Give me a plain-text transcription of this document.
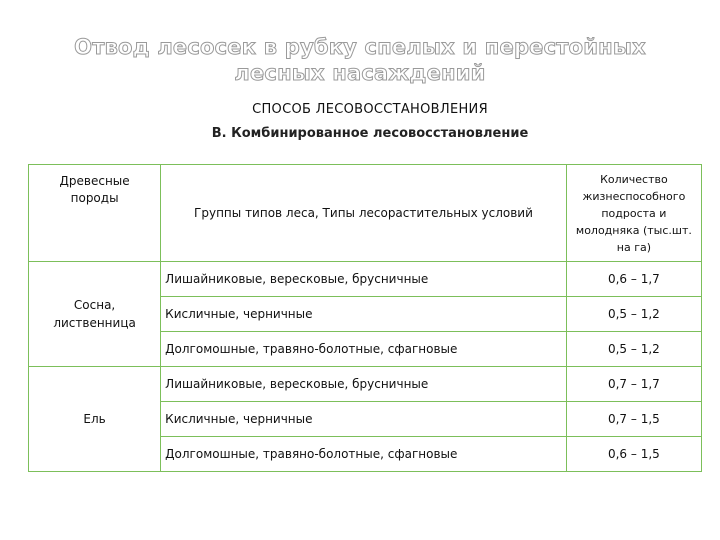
Отвод лесосек в рубку спелых и перестойных лесных насаждений
СПОСОБ ЛЕСОВОССТАНОВЛЕНИЯ
В. Комбинированное лесовосстановление
Древесные породы	Группы типов леса, Типы лесорастительных условий	Количество жизнеспособного подроста и молодняка (тыс.шт. на га)
Сосна, лиственница	Лишайниковые, вересковые, брусничные	0,6 – 1,7
	Кисличные, черничные	0,5 – 1,2
	Долгомошные, травяно-болотные, сфагновые	0,5 – 1,2
Ель	Лишайниковые, вересковые, брусничные	0,7 – 1,7
	Кисличные, черничные	0,7 – 1,5
	Долгомошные, травяно-болотные, сфагновые	0,6 – 1,5
